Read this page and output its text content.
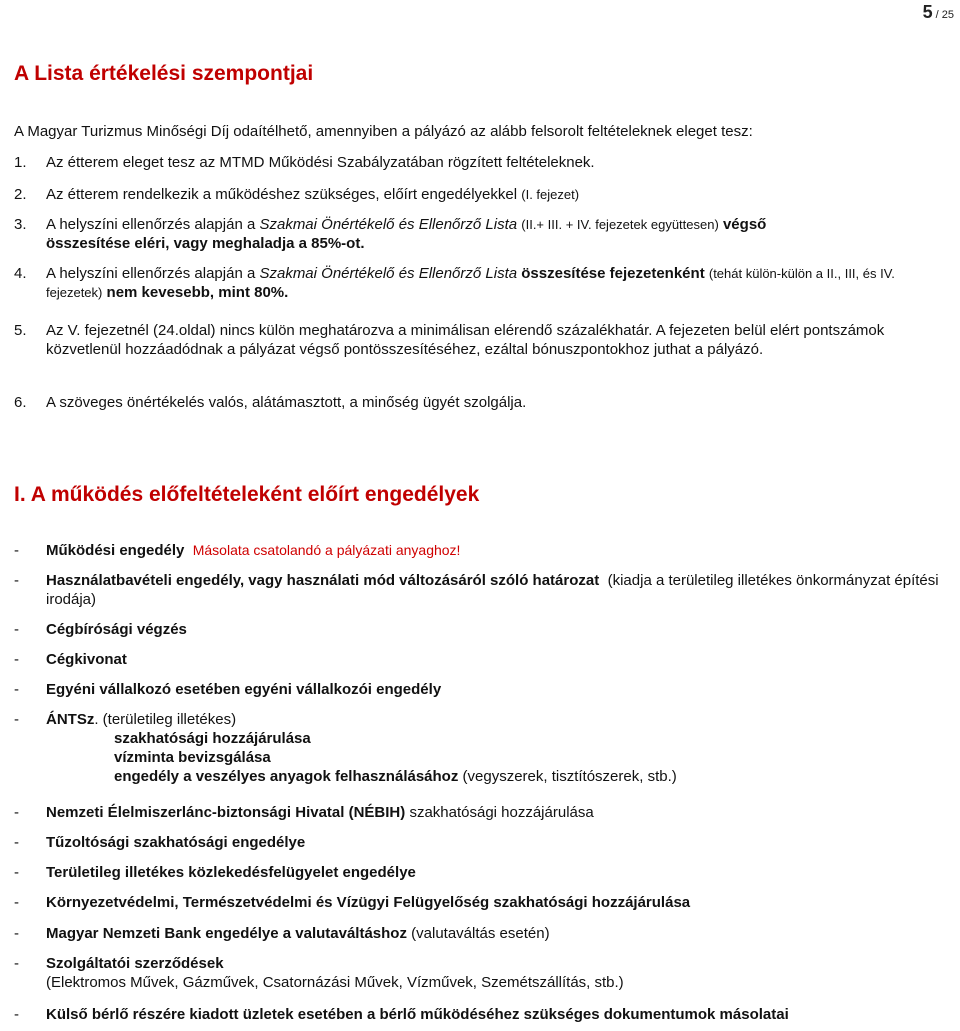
5 / 25
A Lista értékelési szempontjai
A Magyar Turizmus Minőségi Díj odaítélhető, amennyiben a pályázó az alább felsorolt feltételeknek eleget tesz:
1. Az étterem eleget tesz az MTMD Működési Szabályzatában rögzített feltételeknek.
2. Az étterem rendelkezik a működéshez szükséges, előírt engedélyekkel (I. fejezet)
3. A helyszíni ellenőrzés alapján a Szakmai Önértékelő és Ellenőrző Lista (II.+ III. + IV. fejezetek együttesen) végső
összesítése eléri, vagy meghaladja a 85%-ot.
4. A helyszíni ellenőrzés alapján a Szakmai Önértékelő és Ellenőrző Lista összesítése fejezetenként (tehát külön-külön a II., III, és IV. fejezetek) nem kevesebb, mint 80%.
5. Az V. fejezetnél (24.oldal) nincs külön meghatározva a minimálisan elérendő százalékhatár. A fejezeten belül elért pontszámok közvetlenül hozzáadódnak a pályázat végső pontösszesítéséhez, ezáltal bónuszpontokhoz juthat a pályázó.
6. A szöveges önértékelés valós, alátámasztott, a minőség ügyét szolgálja.
I. A működés előfeltételeként előírt engedélyek
- Működési engedély Másolata csatolandó a pályázati anyaghoz!
- Használatbavételi engedély, vagy használati mód változásáról szóló határozat (kiadja a területileg illetékes önkormányzat építési irodája)
- Cégbírósági végzés
- Cégkivonat
- Egyéni vállalkozó esetében egyéni vállalkozói engedély
- ÁNTSz. (területileg illetékes)
szakhatósági hozzájárulása
vízminta bevizsgálása
engedély a veszélyes anyagok felhasználásához (vegyszerek, tisztítószerek, stb.)
- Nemzeti Élelmiszerlánc-biztonsági Hivatal (NÉBIH) szakhatósági hozzájárulása
- Tűzoltósági szakhatósági engedélye
- Területileg illetékes közlekedésfelügyelet engedélye
- Környezetvédelmi, Természetvédelmi és Vízügyi Felügyelőség szakhatósági hozzájárulása
- Magyar Nemzeti Bank engedélye a valutaváltáshoz (valutaváltás esetén)
- Szolgáltatói szerződések
(Elektromos Művek, Gázművek, Csatornázási Művek, Vízművek, Szemétszállítás, stb.)
- Külső bérlő részére kiadott üzletek esetében a bérlő működéséhez szükséges dokumentumok másolatai
